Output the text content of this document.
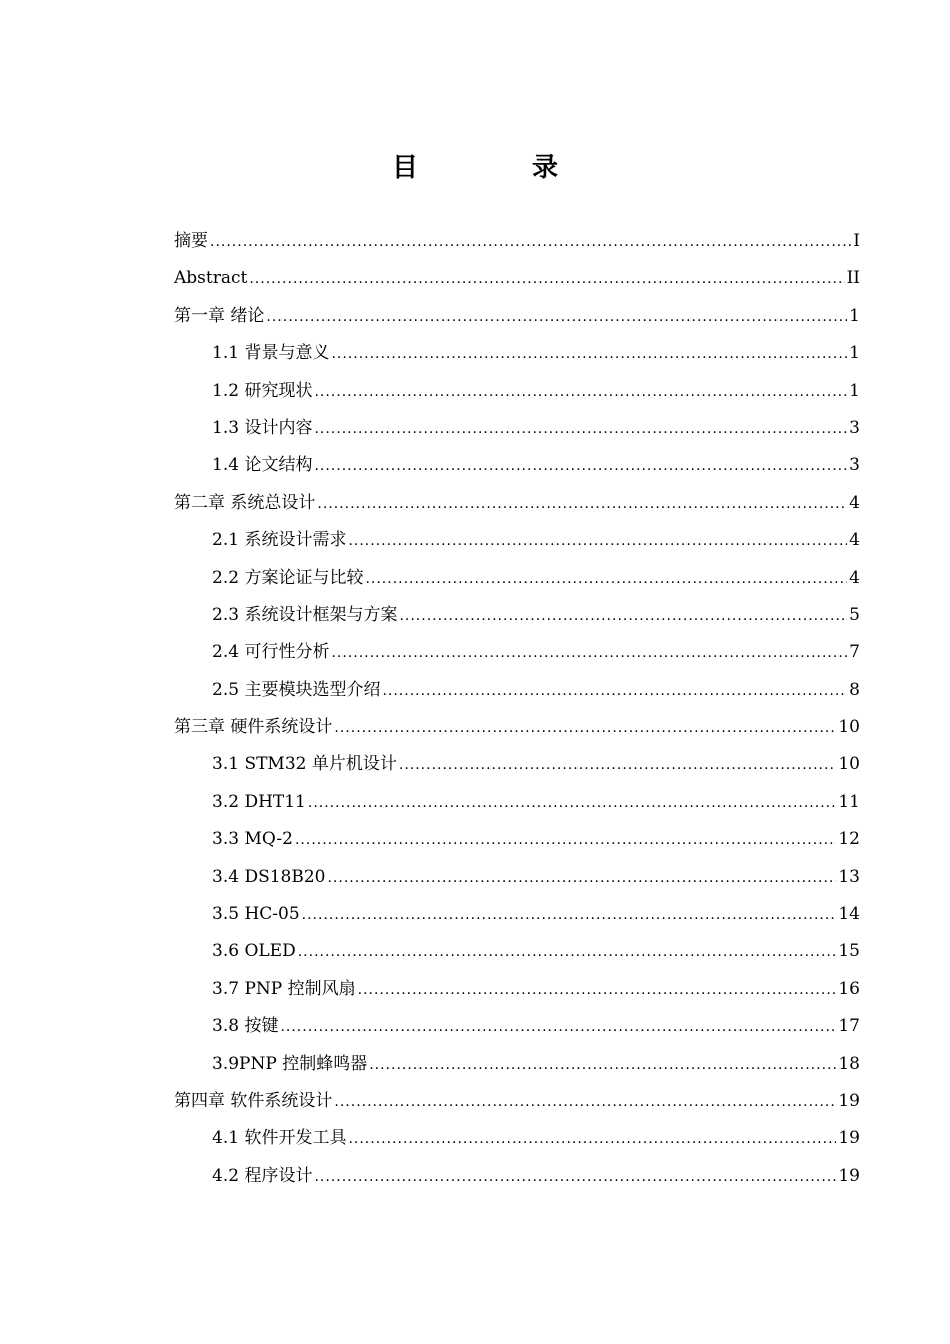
目　录
摘要 .....	I
Abstract .....	II
第一章 绪论 .....	1
1.1 背景与意义 .....	1
1.2 研究现状 .....	1
1.3 设计内容 .....	3
1.4 论文结构 .....	3
第二章 系统总设计 .....	4
2.1 系统设计需求 .....	4
2.2 方案论证与比较 .....	4
2.3 系统设计框架与方案 .....	5
2.4 可行性分析 .....	7
2.5 主要模块选型介绍 .....	8
第三章 硬件系统设计 .....	10
3.1 STM32 单片机设计 .....	10
3.2 DHT11 .....	11
3.3 MQ-2 .....	12
3.4 DS18B20 .....	13
3.5 HC-05 .....	14
3.6 OLED .....	15
3.7 PNP 控制风扇 .....	16
3.8 按键 .....	17
3.9PNP 控制蜂鸣器 .....	18
第四章 软件系统设计 .....	19
4.1 软件开发工具 .....	19
4.2 程序设计 .....	19
